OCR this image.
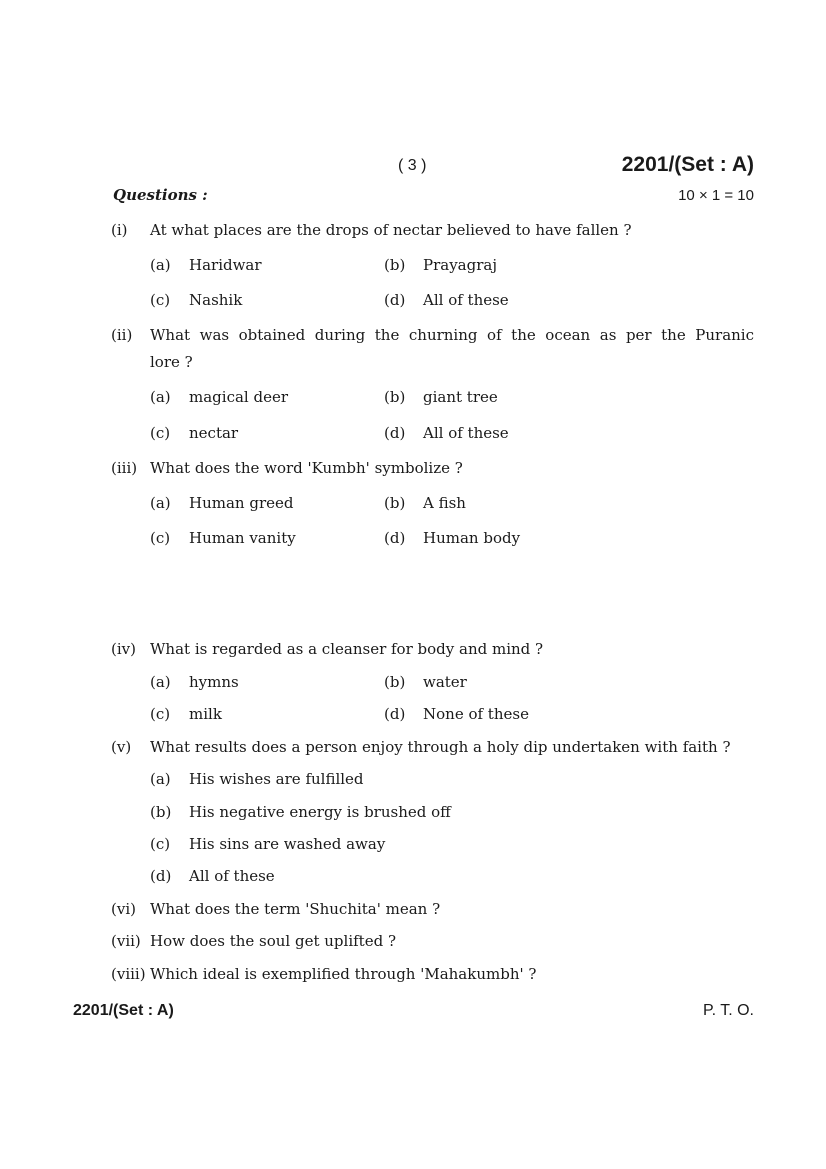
( 3 )	2201/(Set : A)
Questions :	10 × 1 = 10
(i) At what places are the drops of nectar believed to have fallen ?
(a) Haridwar	(b) Prayagraj
(c) Nashik	(d) All of these
(ii) What was obtained during the churning of the ocean as per the Puranic
lore ?
(a) magical deer	(b) giant tree
(c) nectar	(d) All of these
(iii) What does the word 'Kumbh' symbolize ?
(a) Human greed	(b) A fish
(c) Human vanity	(d) Human body
(iv) What is regarded as a cleanser for body and mind ?
(a) hymns	(b) water
(c) milk	(d) None of these
(v) What results does a person enjoy through a holy dip undertaken with faith ?
(a) His wishes are fulfilled
(b) His negative energy is brushed off
(c) His sins are washed away
(d) All of these
(vi) What does the term 'Shuchita' mean ?
(vii) How does the soul get uplifted ?
(viii) Which ideal is exemplified through 'Mahakumbh' ?
2201/(Set : A)	P. T. O.
